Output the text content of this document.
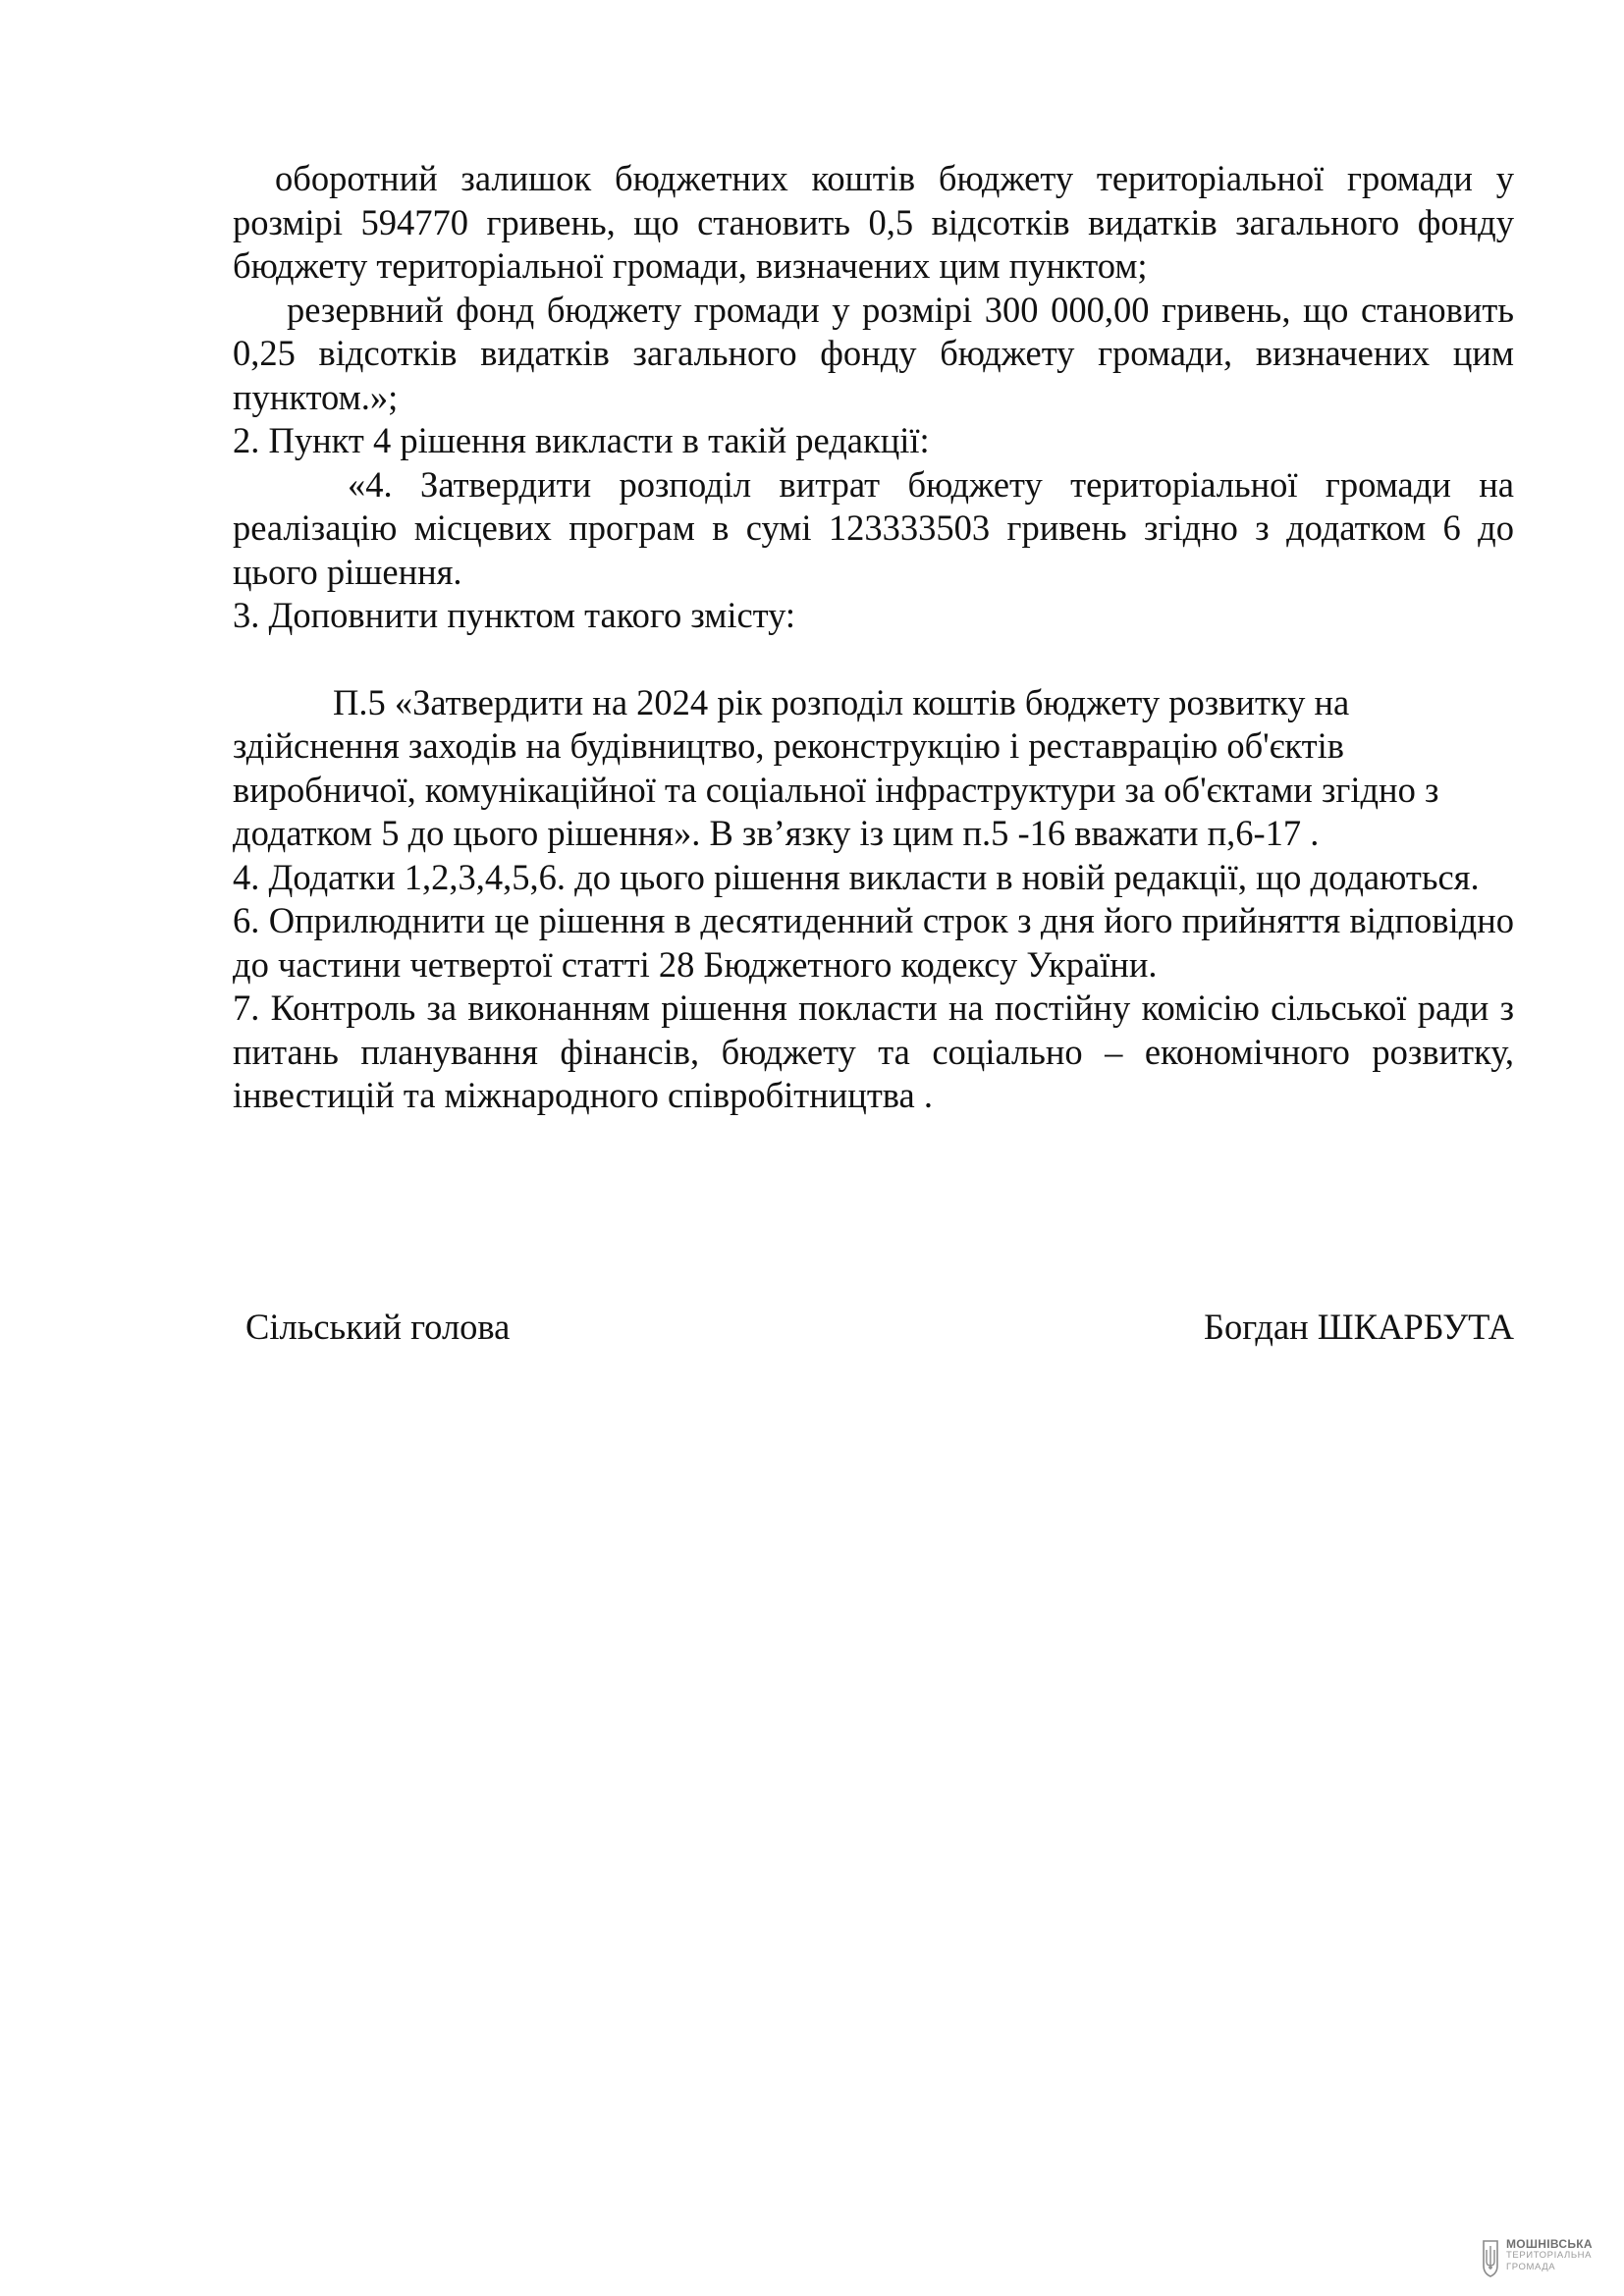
оборотний залишок бюджетних коштів бюджету територіальної громади у розмірі 594770 гривень, що становить 0,5 відсотків видатків загального фонду бюджету територіальної громади, визначених цим пунктом;

резервний фонд бюджету громади у розмірі 300 000,00 гривень, що становить 0,25 відсотків видатків загального фонду бюджету громади, визначених цим пунктом.»;

2. Пункт 4 рішення викласти в такій редакції:

«4. Затвердити розподіл витрат бюджету територіальної громади на реалізацію місцевих програм в сумі 123333503 гривень згідно з додатком 6 до цього рішення.

3. Доповнити пунктом такого змісту:

П.5 «Затвердити на 2024 рік розподіл коштів бюджету розвитку на здійснення заходів на будівництво, реконструкцію і реставрацію об'єктів виробничої, комунікаційної та соціальної інфраструктури за об'єктами згідно з додатком 5 до цього рішення». В зв’язку із цим п.5 -16 вважати п,6-17 .

4. Додатки 1,2,3,4,5,6. до цього рішення викласти в новій редакції, що додаються.

6. Оприлюднити це рішення в десятиденний строк з дня його прийняття відповідно до частини четвертої статті 28 Бюджетного кодексу України.

7. Контроль за виконанням рішення покласти на постійну комісію сільської ради з питань планування фінансів, бюджету та соціально – економічного розвитку, інвестицій та міжнародного співробітництва .

Сільський голова	Богдан ШКАРБУТА
МОШНІВСЬКА
ТЕРИТОРІАЛЬНА
ГРОМАДА
